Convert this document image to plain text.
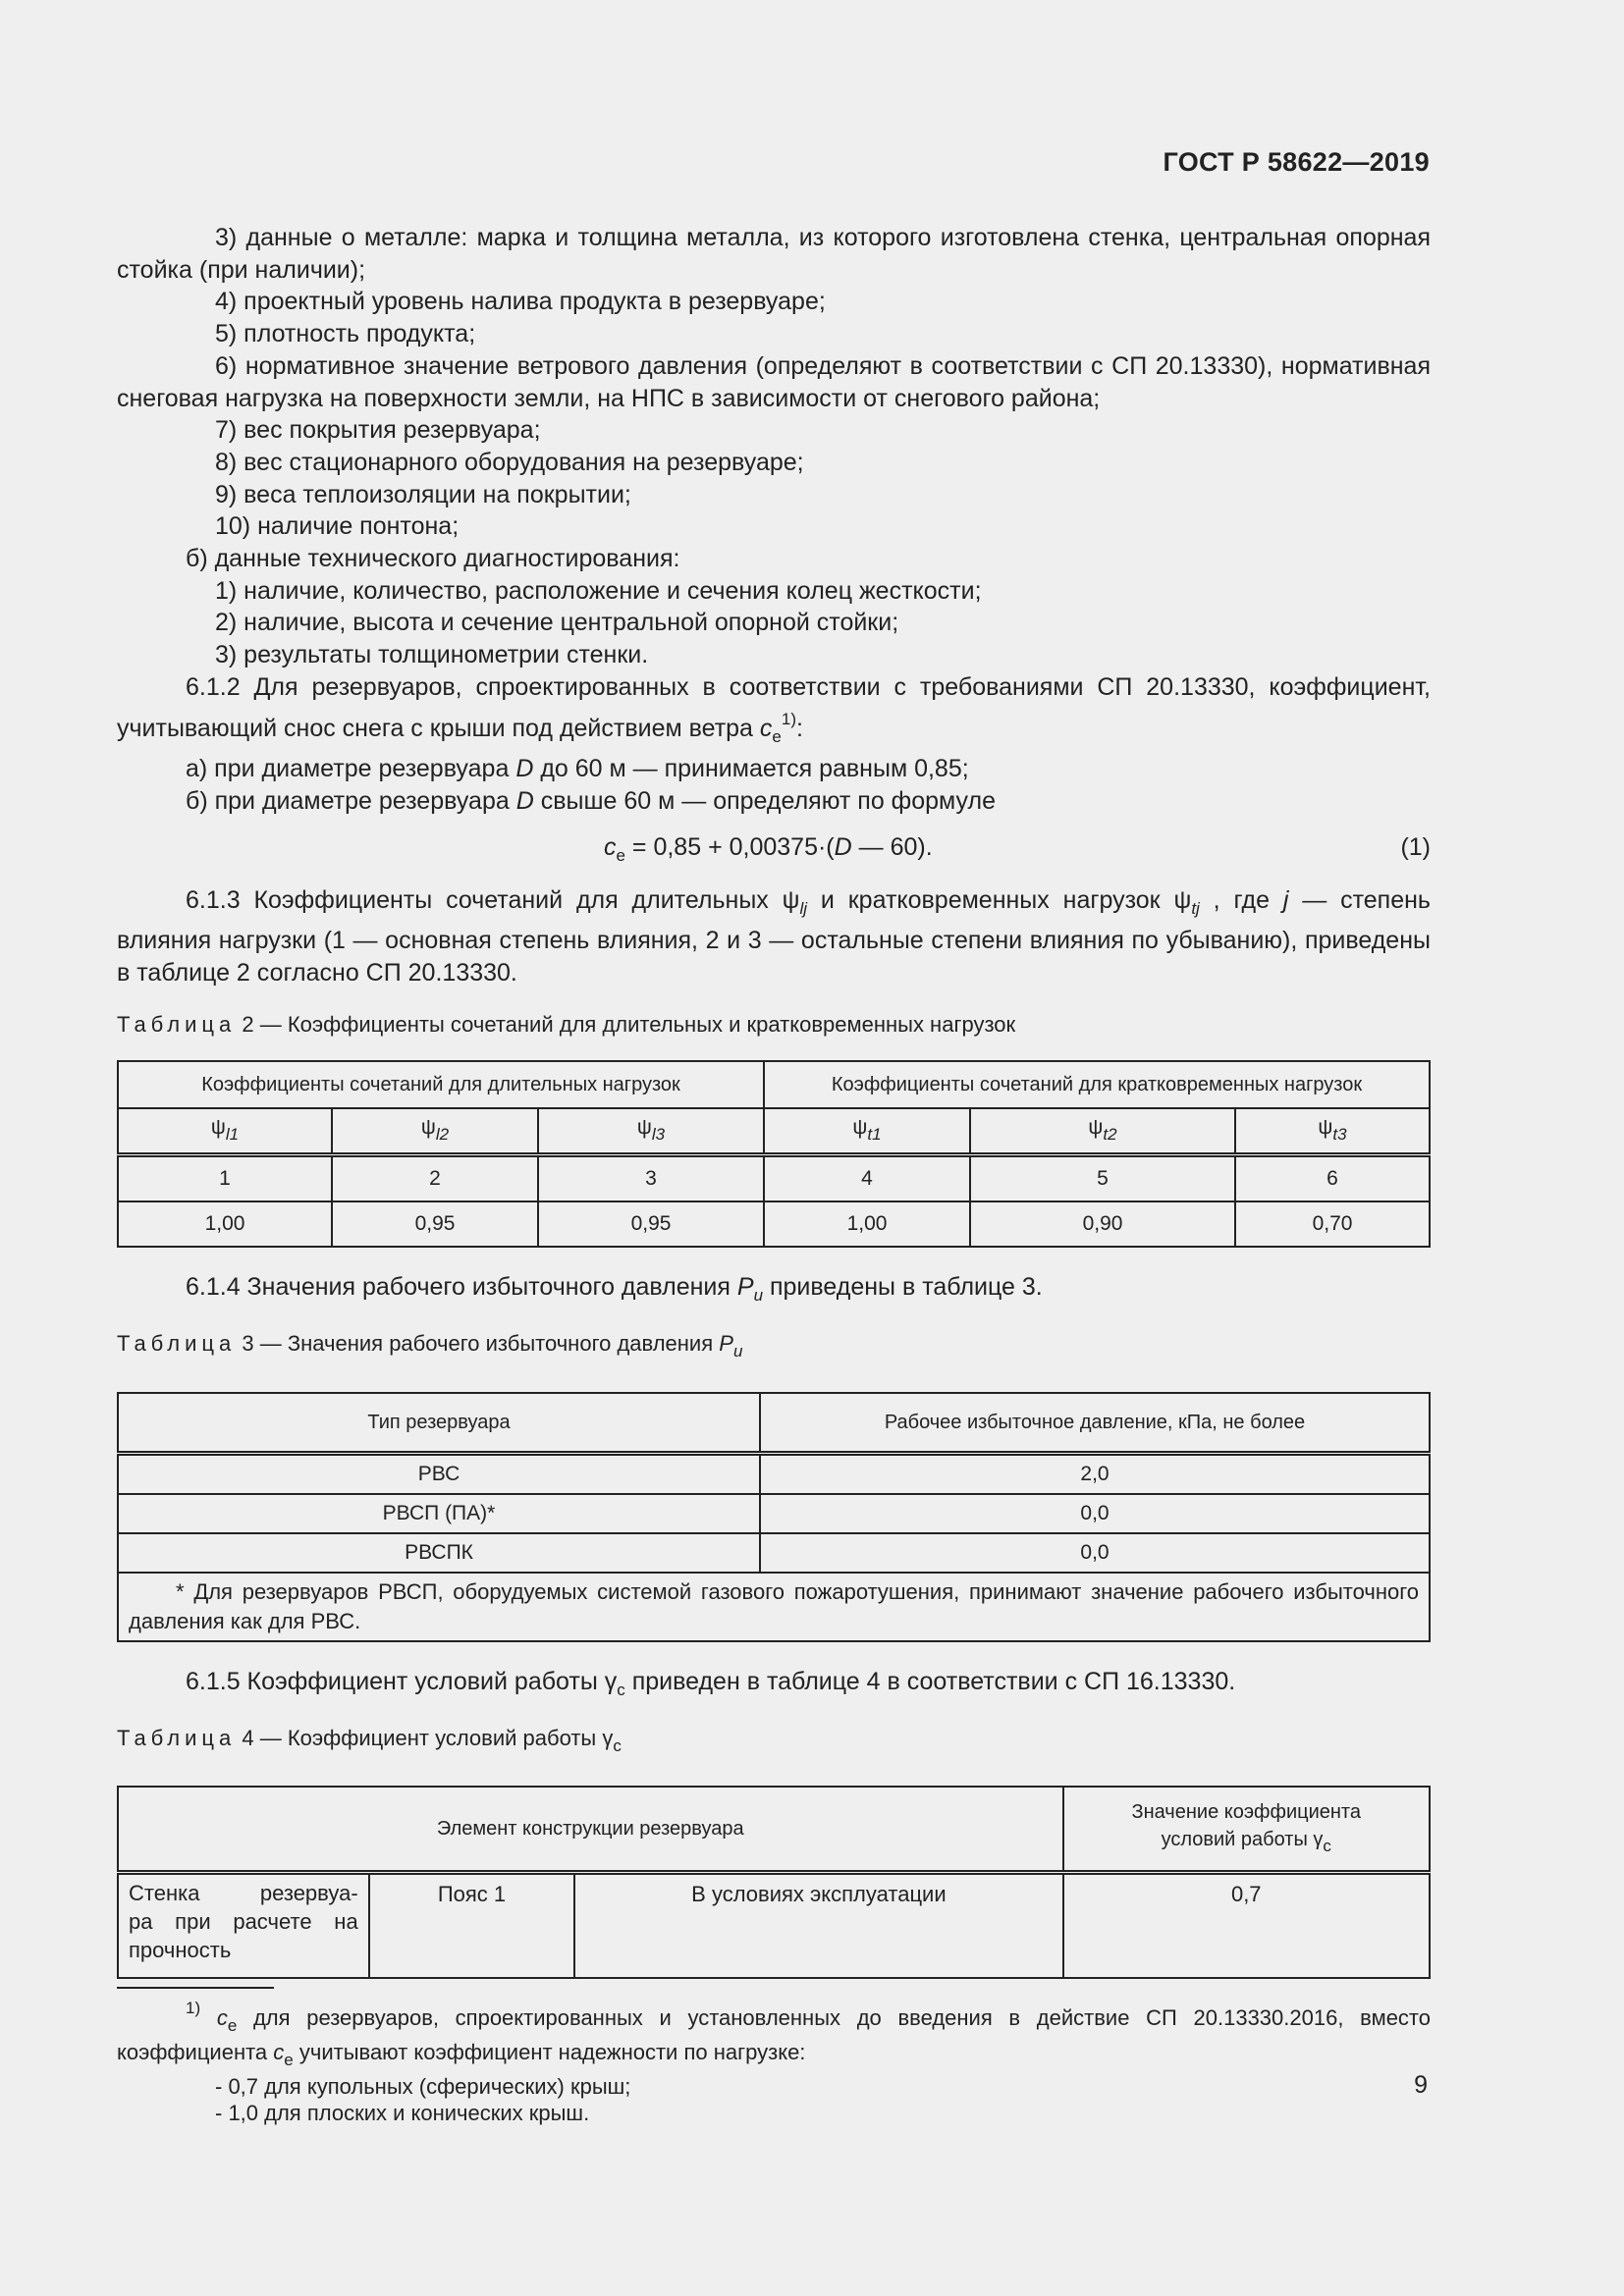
ГОСТ Р 58622—2019

3) данные о металле: марка и толщина металла, из которого изготовлена стенка, центральная опорная стойка (при наличии);

4) проектный уровень налива продукта в резервуаре;

5) плотность продукта;

6) нормативное значение ветрового давления (определяют в соответствии с СП 20.13330), нормативная снеговая нагрузка на поверхности земли, на НПС в зависимости от снегового района;

7) вес покрытия резервуара;

8) вес стационарного оборудования на резервуаре;

9) веса теплоизоляции на покрытии;

10) наличие понтона;

б) данные технического диагностирования:

1) наличие, количество, расположение и сечения колец жесткости;

2) наличие, высота и сечение центральной опорной стойки;

3) результаты толщинометрии стенки.

6.1.2 Для резервуаров, спроектированных в соответствии с требованиями СП 20.13330, коэффициент, учитывающий снос снега с крыши под действием ветра $c_e^{1)}$:

а) при диаметре резервуара D до 60 м — принимается равным 0,85;

б) при диаметре резервуара D свыше 60 м — определяют по формуле

$c_e = 0,85 + 0,00375\cdot(D$ — 60).	(1)

6.1.3 Коэффициенты сочетаний для длительных $\psi_{lj}$ и кратковременных нагрузок $\psi_{tj}$ , где j — степень влияния нагрузки (1 — основная степень влияния, 2 и 3 — остальные степени влияния по убыванию), приведены в таблице 2 согласно СП 20.13330.

Таблица 2 — Коэффициенты сочетаний для длительных и кратковременных нагрузок

Коэффициенты сочетаний для длительных нагрузок			Коэффициенты сочетаний для кратковременных нагрузок		
$\psi_{l1}$	$\psi_{l2}$	$\psi_{l3}$	$\psi_{t1}$	$\psi_{t2}$	$\psi_{t3}$
1	2	3	4	5	6
1,00	0,95	0,95	1,00	0,90	0,70

6.1.4 Значения рабочего избыточного давления $P_u$ приведены в таблице 3.

Таблица 3 — Значения рабочего избыточного давления $P_u$

Тип резервуара	Рабочее избыточное давление, кПа, не более
РВС	2,0
РВСП (ПА)*	0,0
РВСПК	0,0
* Для резервуаров РВСП, оборудуемых системой газового пожаротушения, принимают значение рабочего избыточного давления как для РВС.	

6.1.5 Коэффициент условий работы $\gamma_c$ приведен в таблице 4 в соответствии с СП 16.13330.

Таблица 4 — Коэффициент условий работы $\gamma_c$

Элемент конструкции резервуара			Значение коэффициента
условий работы $\gamma_c$

Стенка резервуа-
ра при расчете на
прочность	Пояс 1	В условиях эксплуатации	0,7

$^{1)}$ $c_e$ для резервуаров, спроектированных и установленных до введения в действие СП 20.13330.2016, вместо коэффициента $c_e$ учитывают коэффициент надежности по нагрузке:

- 0,7 для купольных (сферических) крыш;

- 1,0 для плоских и конических крыш.

9
